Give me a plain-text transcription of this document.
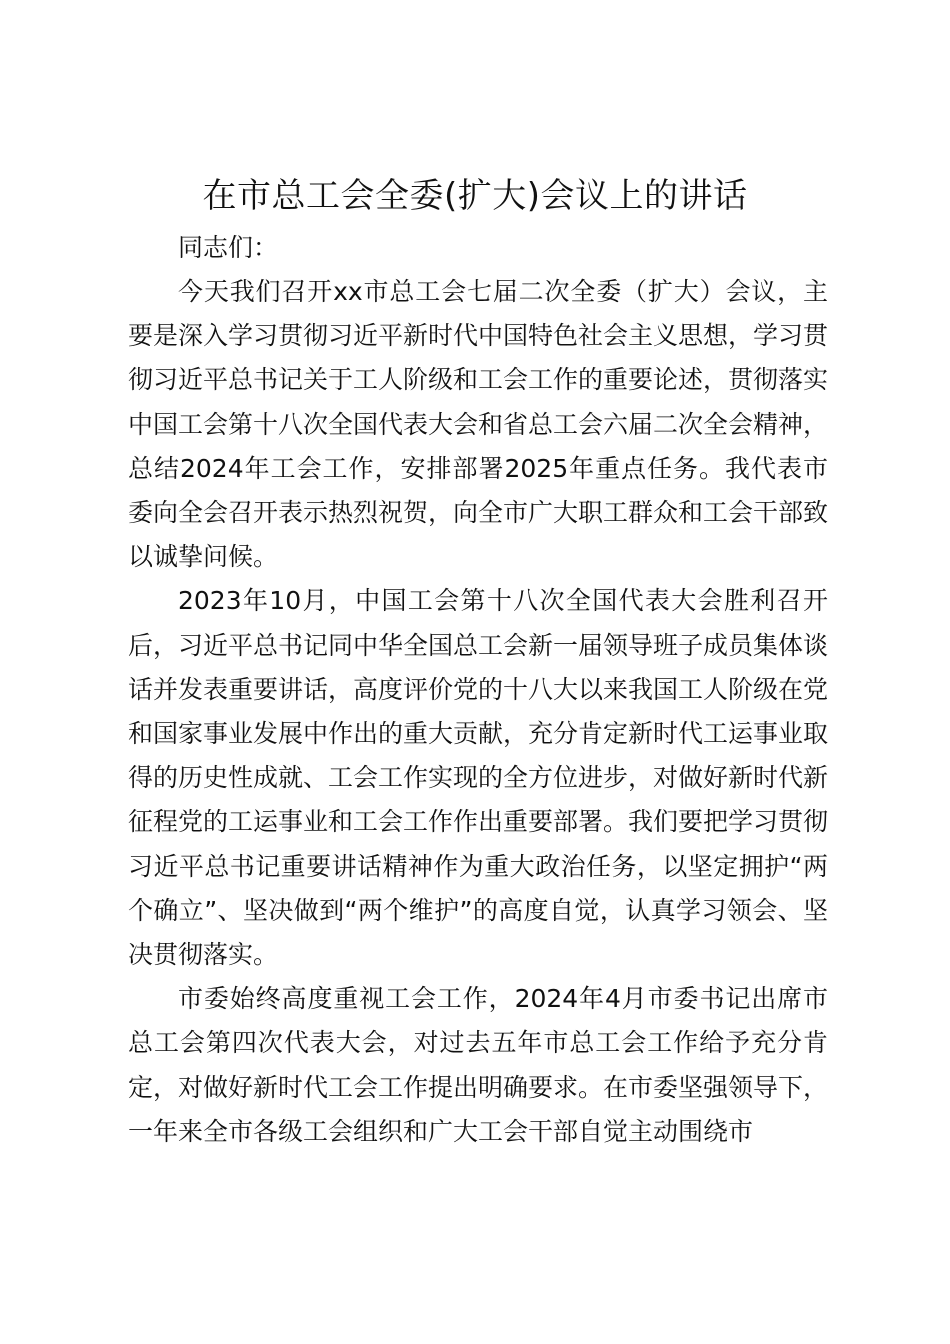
在市总工会全委(扩大)会议上的讲话

同志们：

今天我们召开xx市总工会七届二次全委（扩大）会议，主要是深入学习贯彻习近平新时代中国特色社会主义思想，学习贯彻习近平总书记关于工人阶级和工会工作的重要论述，贯彻落实中国工会第十八次全国代表大会和省总工会六届二次全会精神，总结2024年工会工作，安排部署2025年重点任务。我代表市委向全会召开表示热烈祝贺，向全市广大职工群众和工会干部致以诚挚问候。

2023年10月，中国工会第十八次全国代表大会胜利召开后，习近平总书记同中华全国总工会新一届领导班子成员集体谈话并发表重要讲话，高度评价党的十八大以来我国工人阶级在党和国家事业发展中作出的重大贡献，充分肯定新时代工运事业取得的历史性成就、工会工作实现的全方位进步，对做好新时代新征程党的工运事业和工会工作作出重要部署。我们要把学习贯彻习近平总书记重要讲话精神作为重大政治任务，以坚定拥护“两个确立”、坚决做到“两个维护”的高度自觉，认真学习领会、坚决贯彻落实。

市委始终高度重视工会工作，2024年4月市委书记出席市总工会第四次代表大会，对过去五年市总工会工作给予充分肯定，对做好新时代工会工作提出明确要求。在市委坚强领导下，一年来全市各级工会组织和广大工会干部自觉主动围绕市
